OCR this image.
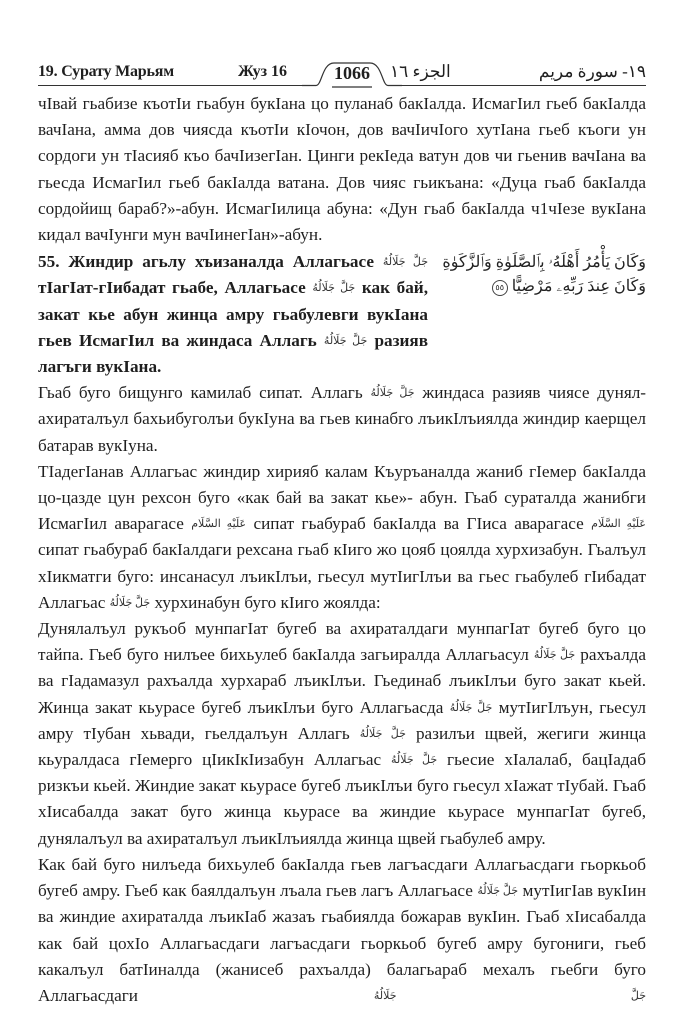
19. Сурату Марьям	Жуз 16	1066	الجزء ١٦	١٩- سورة مريم

чIвай гьабизе къотIи гьабун букIана цо пуланаб бакIалда. ИсмагIил гьеб бакIалда вачIана, амма дов чиясда къотIи кIочон, дов вачIичIого хутIана гьеб къоги ун сордоги ун тIасияб къо бачIизегIан. Цинги рекIеда ватун дов чи гьенив вачIана ва гьесда ИсмагIил гьеб бакIалда ватана. Дов чияс гьикъана: «Дуца гьаб бакIалда сордойищ бараб?»-абун. ИсмагIилица абуна: «Дун гьаб бакIалда ч1чIезе вукIана кидал вачIунги мун вачIинегIан»-абун.

55. Жиндир агьлу хъизаналда Аллагьасе جَلَّ جَلَالُهُ тIагIат-гIибадат гьабе, Аллагьасе جَلَّ جَلَالُهُ как бай, закат кье абун жинца амру гьабулевги вукIана гьев ИсмагIил ва жиндаса Аллагь جَلَّ جَلَالُهُ разияв лагъги вукIана.
وَكَانَ يَأْمُرُ أَهْلَهُۥ بِٱلصَّلَوٰةِ وَٱلزَّكَوٰةِ وَكَانَ عِندَ رَبِّهِۦ مَرْضِيًّا ٥٥

Гьаб буго бищунго камилаб сипат. Аллагь جَلَّ جَلَالُهُ жиндаса разияв чиясе дунял-ахираталъул бахьибуголъи букIуна ва гьев кинабго лъикIлъиялда жиндир каерщел батарав вукIуна.

ТIадегIанав Аллагьас жиндир хирияб калам Къуръаналда жаниб гIемер бакIалда цо-цазде цун рехсон буго «как бай ва закат кье»- абун. Гьаб сураталда жанибги ИсмагIил аварагасе عَلَيْهِ السَّلَام сипат гьабураб бакIалда ва ГIиса аварагасе عَلَيْهِ السَّلَام сипат гьабураб бакIалдаги рехсана гьаб кIиго жо цояб цоялда хурхизабун. Гьалъул хIикматги буго: инсанасул лъикIлъи, гьесул мутIигIлъи ва гьес гьабулеб гIибадат Аллагьас جَلَّ جَلَالُهُ хурхинабун буго кIиго жоялда:

Дунялалъул рукъоб мунпагIат бугеб ва ахираталдаги мунпагIат бугеб буго цо тайпа. Гьеб буго нилъее бихьулеб бакIалда загьиралда Аллагьасул جَلَّ جَلَالُهُ рахъалда ва гIадамазул рахъалда хурхараб лъикIлъи. Гьединаб лъикIлъи буго закат кьей. Жинца закат кьурасе бугеб лъикIлъи буго Аллагьасда جَلَّ جَلَالُهُ мутIигIлъун, гьесул амру тIубан хьвади, гьелдалъун Аллагь جَلَّ جَلَالُهُ разилъи щвей, жегиги жинца кьуралдаса гIемерго цIикIкIизабун Аллагьас جَلَّ جَلَالُهُ гьесие хIалалаб, бацIадаб ризкъи кьей. Жиндие закат кьурасе бугеб лъикIлъи буго гьесул хIажат тIубай. Гьаб хIисабалда закат буго жинца кьурасе ва жиндие кьурасе мунпагIат бугеб, дунялалъул ва ахираталъул лъикIлъиялда жинца щвей гьабулеб амру.

Как бай буго нилъеда бихьулеб бакIалда гьев лагъасдаги Аллагьасдаги гьоркьоб бугеб амру. Гьеб как баялдалъун лъала гьев лагъ Аллагьасе جَلَّ جَلَالُهُ мутIигIав вукIин ва жиндие ахираталда лъикIаб жазаъ гьабиялда божарав вукIин. Гьаб хIисабалда как бай цохIо Аллагьасдаги лагъасдаги гьоркьоб бугеб амру бугониги, гьеб какалъул батIиналда (жанисеб рахъалда) балагьараб мехалъ гьебги буго Аллагьасдаги	جَلَّ جَلَالُهُ
